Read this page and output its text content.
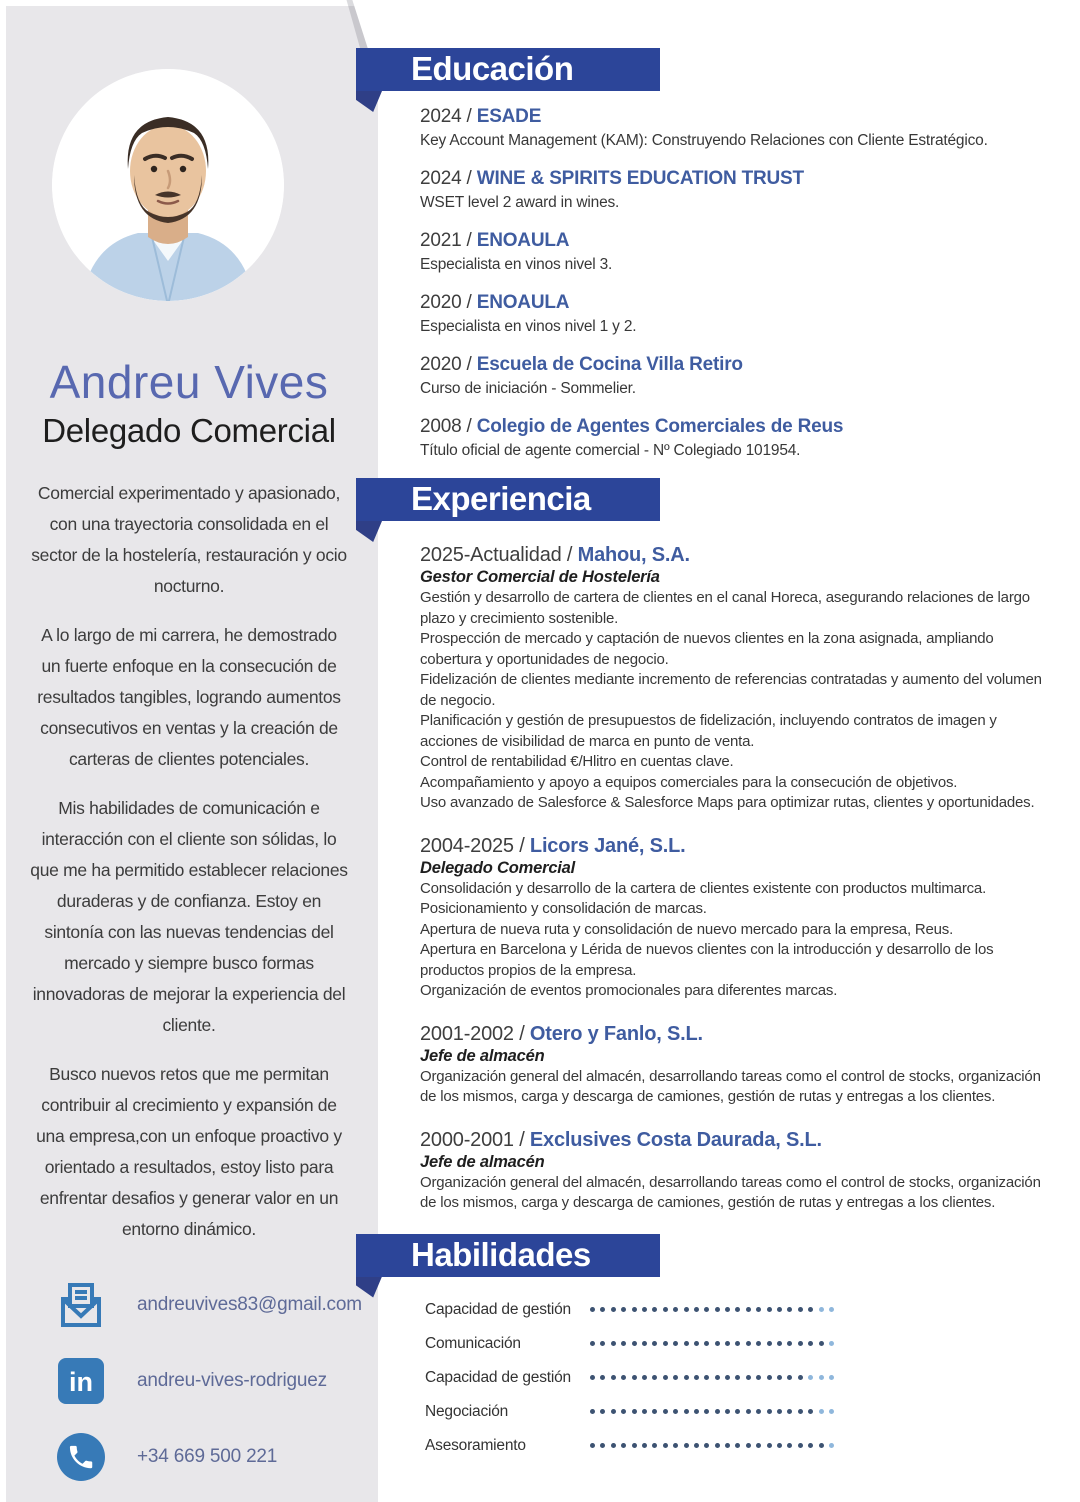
Andreu Vives
Delegado Comercial

Comercial experimentado y apasionado, con una trayectoria consolidada en el sector de la hostelería, restauración y ocio nocturno.

A lo largo de mi carrera, he demostrado un fuerte enfoque en la consecución de resultados tangibles, logrando aumentos consecutivos en ventas y la creación de carteras de clientes potenciales.

Mis habilidades de comunicación e interacción con el cliente son sólidas, lo que me ha permitido establecer relaciones duraderas y de confianza. Estoy en sintonía con las nuevas tendencias del mercado y siempre busco formas innovadoras de mejorar la experiencia del cliente.

Busco nuevos retos que me permitan contribuir al crecimiento y expansión de una empresa,con un enfoque proactivo y orientado a resultados, estoy listo para enfrentar desafios y generar valor en un entorno dinámico.

andreuvives83@gmail.com
in andreu-vives-rodriguez
+34 669 500 221
Educación
2024 / ESADE
Key Account Management (KAM): Construyendo Relaciones con Cliente Estratégico.
2024 / WINE & SPIRITS EDUCATION TRUST
WSET level 2 award in wines.
2021 / ENOAULA
Especialista en vinos nivel 3.
2020 / ENOAULA
Especialista en vinos nivel 1 y 2.
2020 / Escuela de Cocina Villa Retiro
Curso de iniciación - Sommelier.
2008 / Colegio de Agentes Comerciales de Reus
Título oficial de agente comercial - Nº Colegiado 101954.
Experiencia
2025-Actualidad / Mahou, S.A.
Gestor Comercial de Hostelería

Gestión y desarrollo de cartera de clientes en el canal Horeca, asegurando relaciones de largo plazo y crecimiento sostenible.

Prospección de mercado y captación de nuevos clientes en la zona asignada, ampliando cobertura y oportunidades de negocio.

Fidelización de clientes mediante incremento de referencias contratadas y aumento del volumen de negocio.

Planificación y gestión de presupuestos de fidelización, incluyendo contratos de imagen y acciones de visibilidad de marca en punto de venta.

Control de rentabilidad €/Hlitro en cuentas clave.

Acompañamiento y apoyo a equipos comerciales para la consecución de objetivos.

Uso avanzado de Salesforce & Salesforce Maps para optimizar rutas, clientes y oportunidades.

2004-2025 / Licors Jané, S.L.
Delegado Comercial

Consolidación y desarrollo de la cartera de clientes existente con productos multimarca. Posicionamiento y consolidación de marcas.

Apertura de nueva ruta y consolidación de nuevo mercado para la empresa, Reus.

Apertura en Barcelona y Lérida de nuevos clientes con la introducción y desarrollo de los productos propios de la empresa.

Organización de eventos promocionales para diferentes marcas.

2001-2002 / Otero y Fanlo, S.L.
Jefe de almacén

Organización general del almacén, desarrollando tareas como el control de stocks, organización de los mismos, carga y descarga de camiones, gestión de rutas y entregas a los clientes.

2000-2001 / Exclusives Costa Daurada, S.L.
Jefe de almacén

Organización general del almacén, desarrollando tareas como el control de stocks, organización de los mismos, carga y descarga de camiones, gestión de rutas y entregas a los clientes.

Habilidades
Capacidad de gestión
Comunicación
Capacidad de gestión
Negociación
Asesoramiento
